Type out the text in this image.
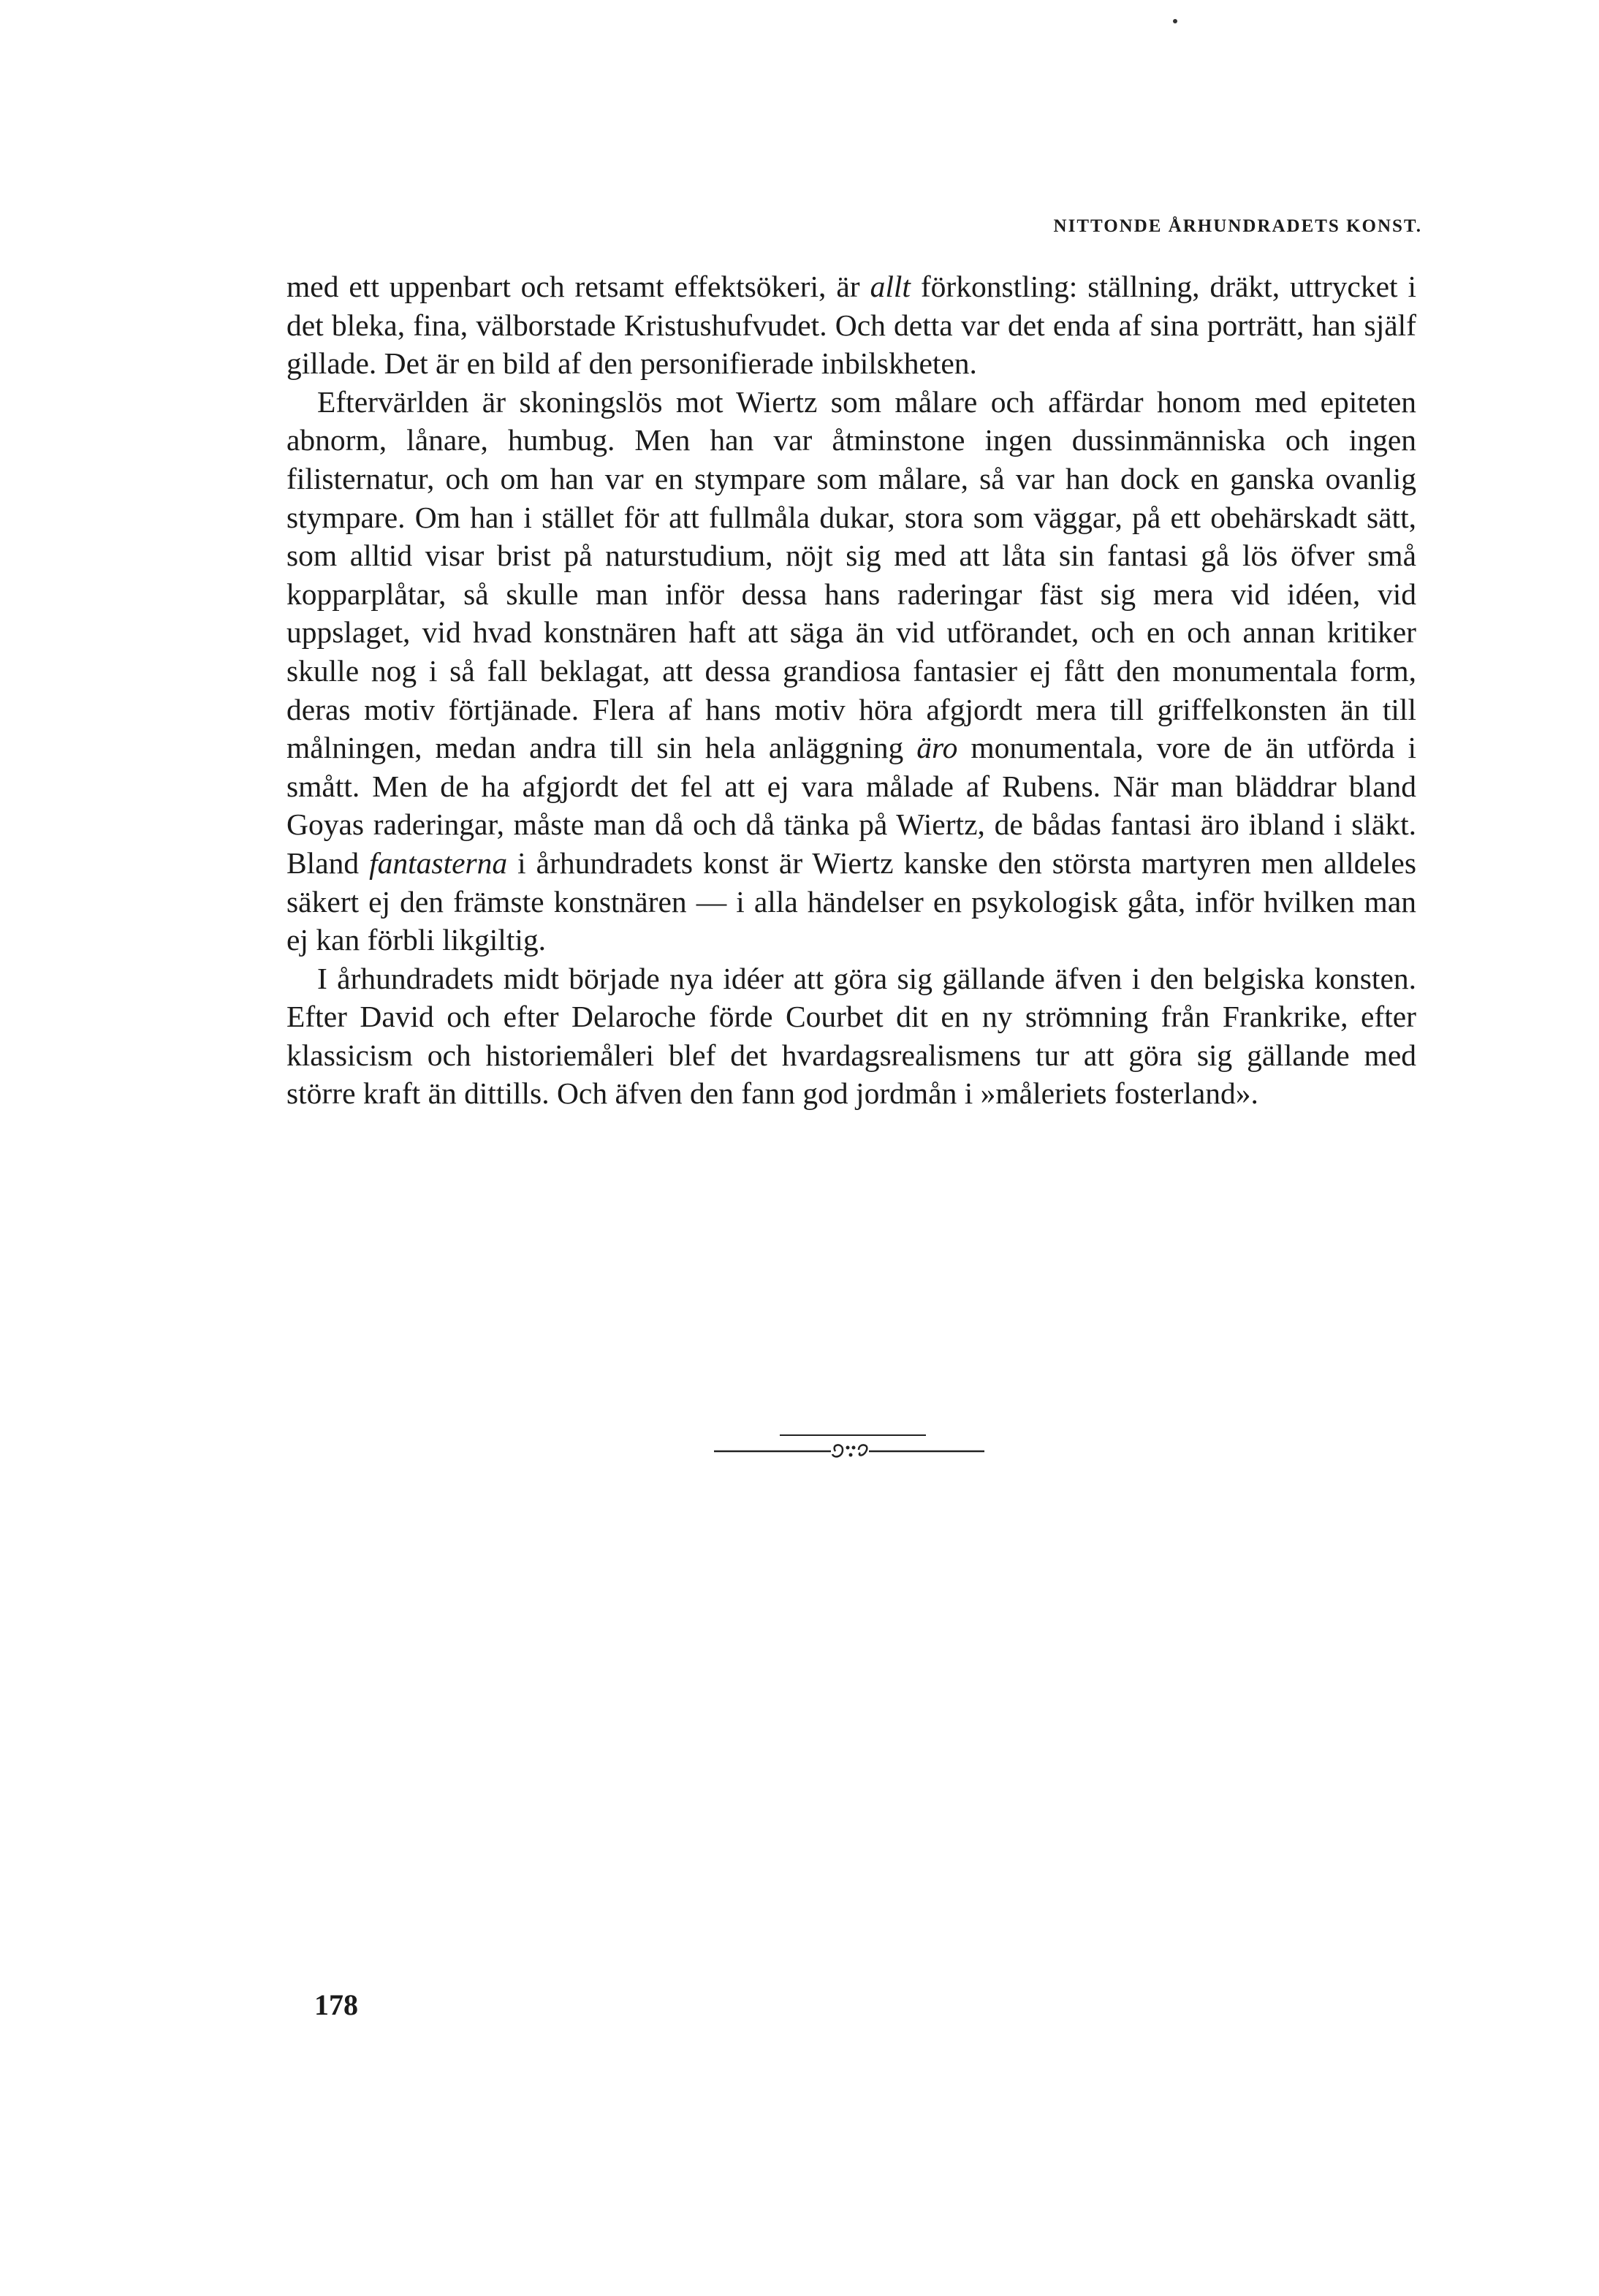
NITTONDE ÅRHUNDRADETS KONST.

med ett uppenbart och retsamt effektsökeri, är allt förkonstling: ställning, dräkt, uttrycket i det bleka, fina, välborstade Kristushufvudet. Och detta var det enda af sina porträtt, han själf gillade. Det är en bild af den personifierade inbilskheten.

Eftervärlden är skoningslös mot Wiertz som målare och affärdar honom med epiteten abnorm, lånare, humbug. Men han var åtminstone ingen dussinmänniska och ingen filisternatur, och om han var en stympare som målare, så var han dock en ganska ovanlig stympare. Om han i stället för att fullmåla dukar, stora som väggar, på ett obehärskadt sätt, som alltid visar brist på naturstudium, nöjt sig med att låta sin fantasi gå lös öfver små kopparplåtar, så skulle man inför dessa hans raderingar fäst sig mera vid idéen, vid uppslaget, vid hvad konstnären haft att säga än vid utförandet, och en och annan kritiker skulle nog i så fall beklagat, att dessa grandiosa fantasier ej fått den monumentala form, deras motiv förtjänade. Flera af hans motiv höra afgjordt mera till griffelkonsten än till målningen, medan andra till sin hela anläggning äro monumentala, vore de än utförda i smått. Men de ha afgjordt det fel att ej vara målade af Rubens. När man bläddrar bland Goyas raderingar, måste man då och då tänka på Wiertz, de bådas fantasi äro ibland i släkt. Bland fantasterna i århundradets konst är Wiertz kanske den största martyren men alldeles säkert ej den främste konstnären — i alla händelser en psykologisk gåta, inför hvilken man ej kan förbli likgiltig.

I århundradets midt började nya idéer att göra sig gällande äfven i den belgiska konsten. Efter David och efter Delaroche förde Courbet dit en ny strömning från Frankrike, efter klassicism och historiemåleri blef det hvardagsrealismens tur att göra sig gällande med större kraft än dittills. Och äfven den fann god jordmån i »måleriets fosterland».

178
